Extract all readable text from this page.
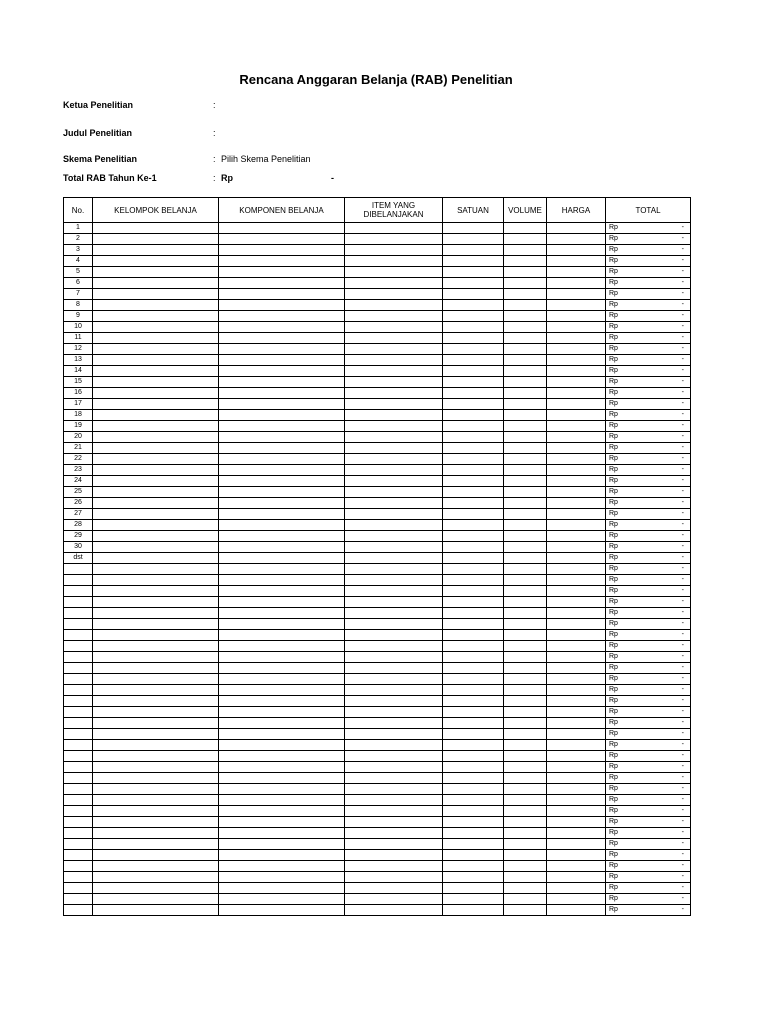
Rencana Anggaran Belanja (RAB) Penelitian
Ketua Penelitian	:
Judul Penelitian	:
Skema Penelitian	: Pilih Skema Penelitian
Total RAB Tahun Ke-1	: Rp	-
No.	KELOMPOK BELANJA	KOMPONEN BELANJA	ITEM YANG DIBELANJAKAN	SATUAN	VOLUME	HARGA	TOTAL
1							Rp -

2							Rp -

3							Rp -

4							Rp -

5							Rp -

6							Rp -

7							Rp -

8							Rp -

9							Rp -

10							Rp -

11							Rp -

12							Rp -

13							Rp -

14							Rp -

15							Rp -

16							Rp -

17							Rp -

18							Rp -

19							Rp -

20							Rp -

21							Rp -

22							Rp -

23							Rp -

24							Rp -

25							Rp -

26							Rp -

27							Rp -

28							Rp -

29							Rp -

30							Rp -

dst							Rp -

							Rp -

							Rp -

							Rp -

							Rp -

							Rp -

							Rp -

							Rp -

							Rp -

							Rp -

							Rp -

							Rp -

							Rp -

							Rp -

							Rp -

							Rp -

							Rp -

							Rp -

							Rp -

							Rp -

							Rp -

							Rp -

							Rp -

							Rp -

							Rp -

							Rp -

							Rp -

							Rp -

							Rp -

							Rp -

							Rp -

							Rp -

							Rp -
